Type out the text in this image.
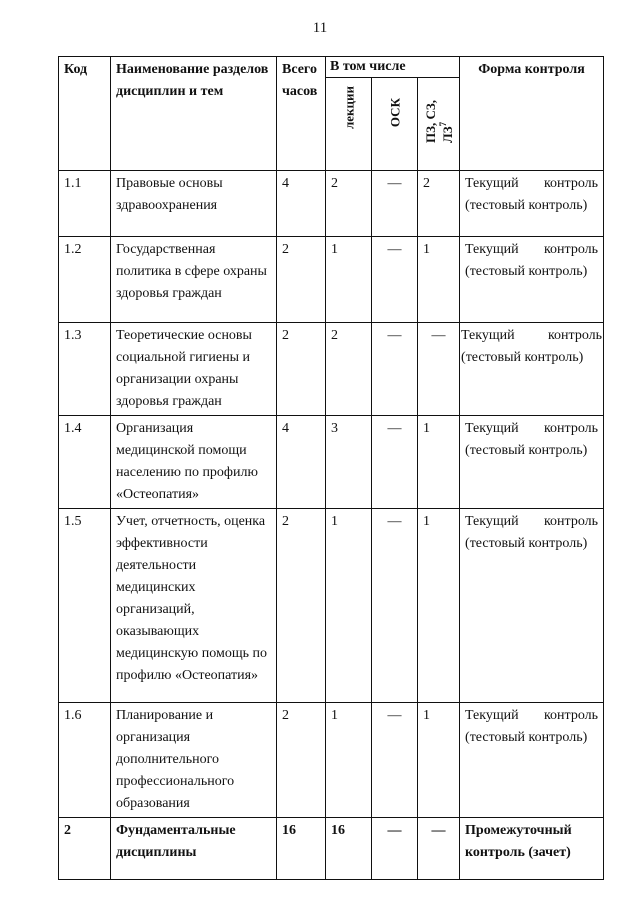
11
Код	Наименование разделов дисциплин и тем	Всего часов	В том числе			Форма контроля

			лекции	ОСК	ПЗ, СЗ, $ЛЗ^7$

1.1	Правовые основы здравоохранения	4	2	—	2	Текущий контроль
(тестовый контроль)

1.2	Государственная политика в сфере охраны здоровья граждан	2	1	—	1	Текущий контроль
(тестовый контроль)

1.3	Теоретические основы социальной гигиены и организации охраны здоровья граждан	2	2	—	—	Текущий контроль
(тестовый контроль)

1.4	Организация медицинской помощи населению по профилю «Остеопатия»	4	3	—	1	Текущий контроль
(тестовый контроль)

1.5	Учет, отчетность, оценка эффективности деятельности медицинских организаций, оказывающих медицинскую помощь по профилю «Остеопатия»	2	1	—	1	Текущий контроль
(тестовый контроль)

1.6	Планирование и организация дополнительного профессионального образования	2	1	—	1	Текущий контроль
(тестовый контроль)

2	Фундаментальные дисциплины	16	16	—	—	Промежуточный
контроль (зачет)
